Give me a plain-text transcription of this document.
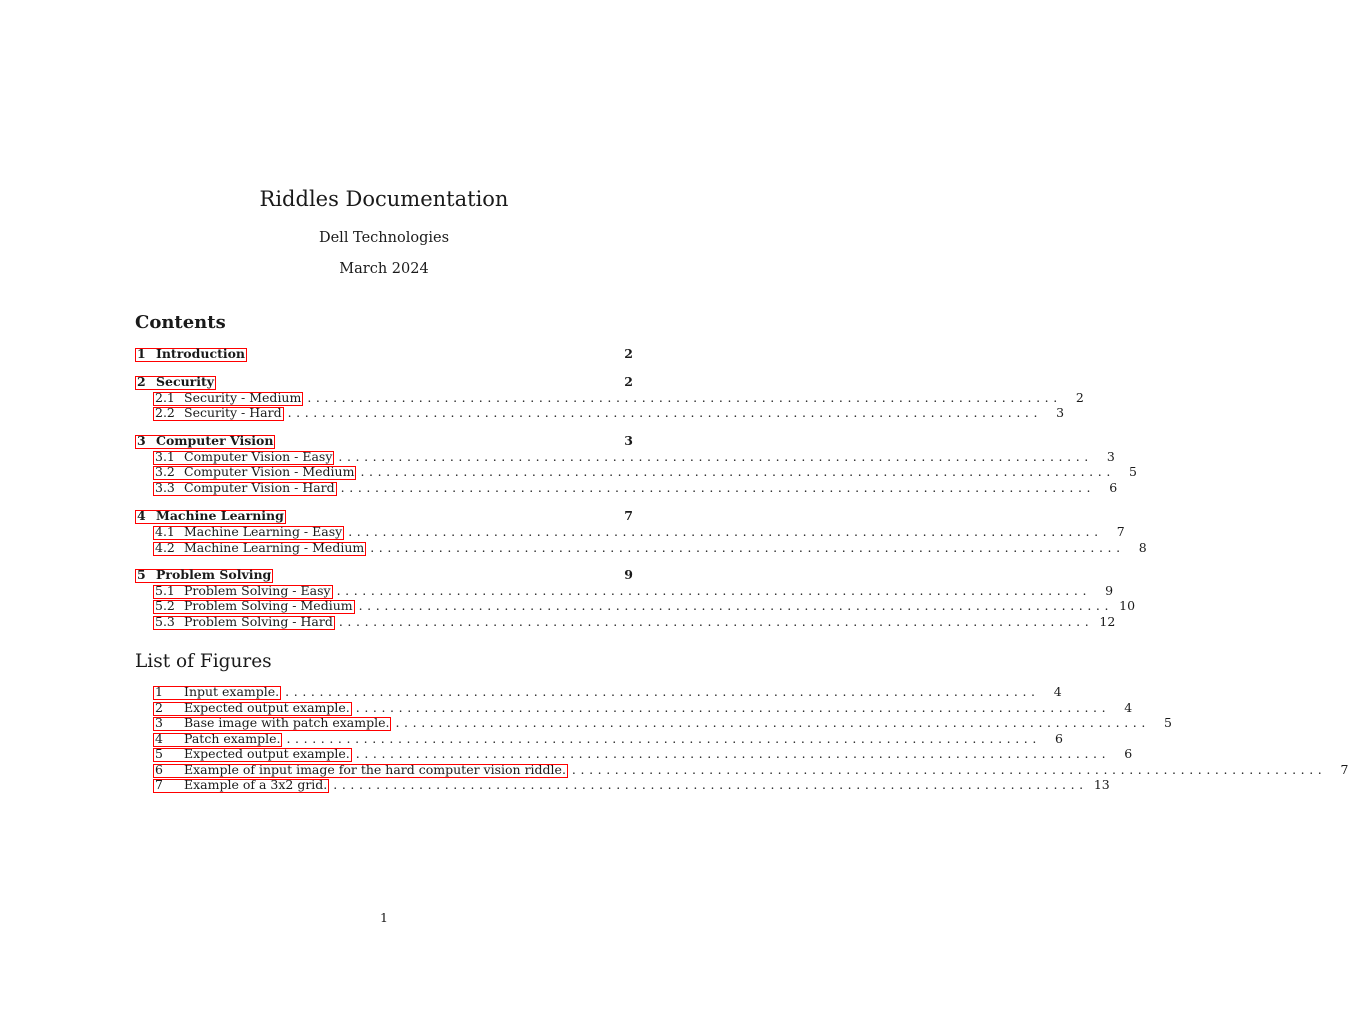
Riddles Documentation
Dell Technologies
March 2024
Contents
1 Introduction	2
2 Security	2
2.1 Security - Medium ........................................................................................	2
2.2 Security - Hard ........................................................................................	3
3 Computer Vision	3
3.1 Computer Vision - Easy ........................................................................................	3
3.2 Computer Vision - Medium ........................................................................................	5
3.3 Computer Vision - Hard ........................................................................................	6
4 Machine Learning	7
4.1 Machine Learning - Easy ........................................................................................	7
4.2 Machine Learning - Medium ........................................................................................	8
5 Problem Solving	9
5.1 Problem Solving - Easy ........................................................................................	9
5.2 Problem Solving - Medium ........................................................................................ 10
5.3 Problem Solving - Hard ........................................................................................ 12
List of Figures
1	Input example. ........................................................................................	4
2	Expected output example. ........................................................................................	4
3	Base image with patch example. ........................................................................................	5
4	Patch example. ........................................................................................	6
5	Expected output example. ........................................................................................	6
6	Example of input image for the hard computer vision riddle. ........................................................................................	7
7	Example of a 3x2 grid. ........................................................................................ 13
1
